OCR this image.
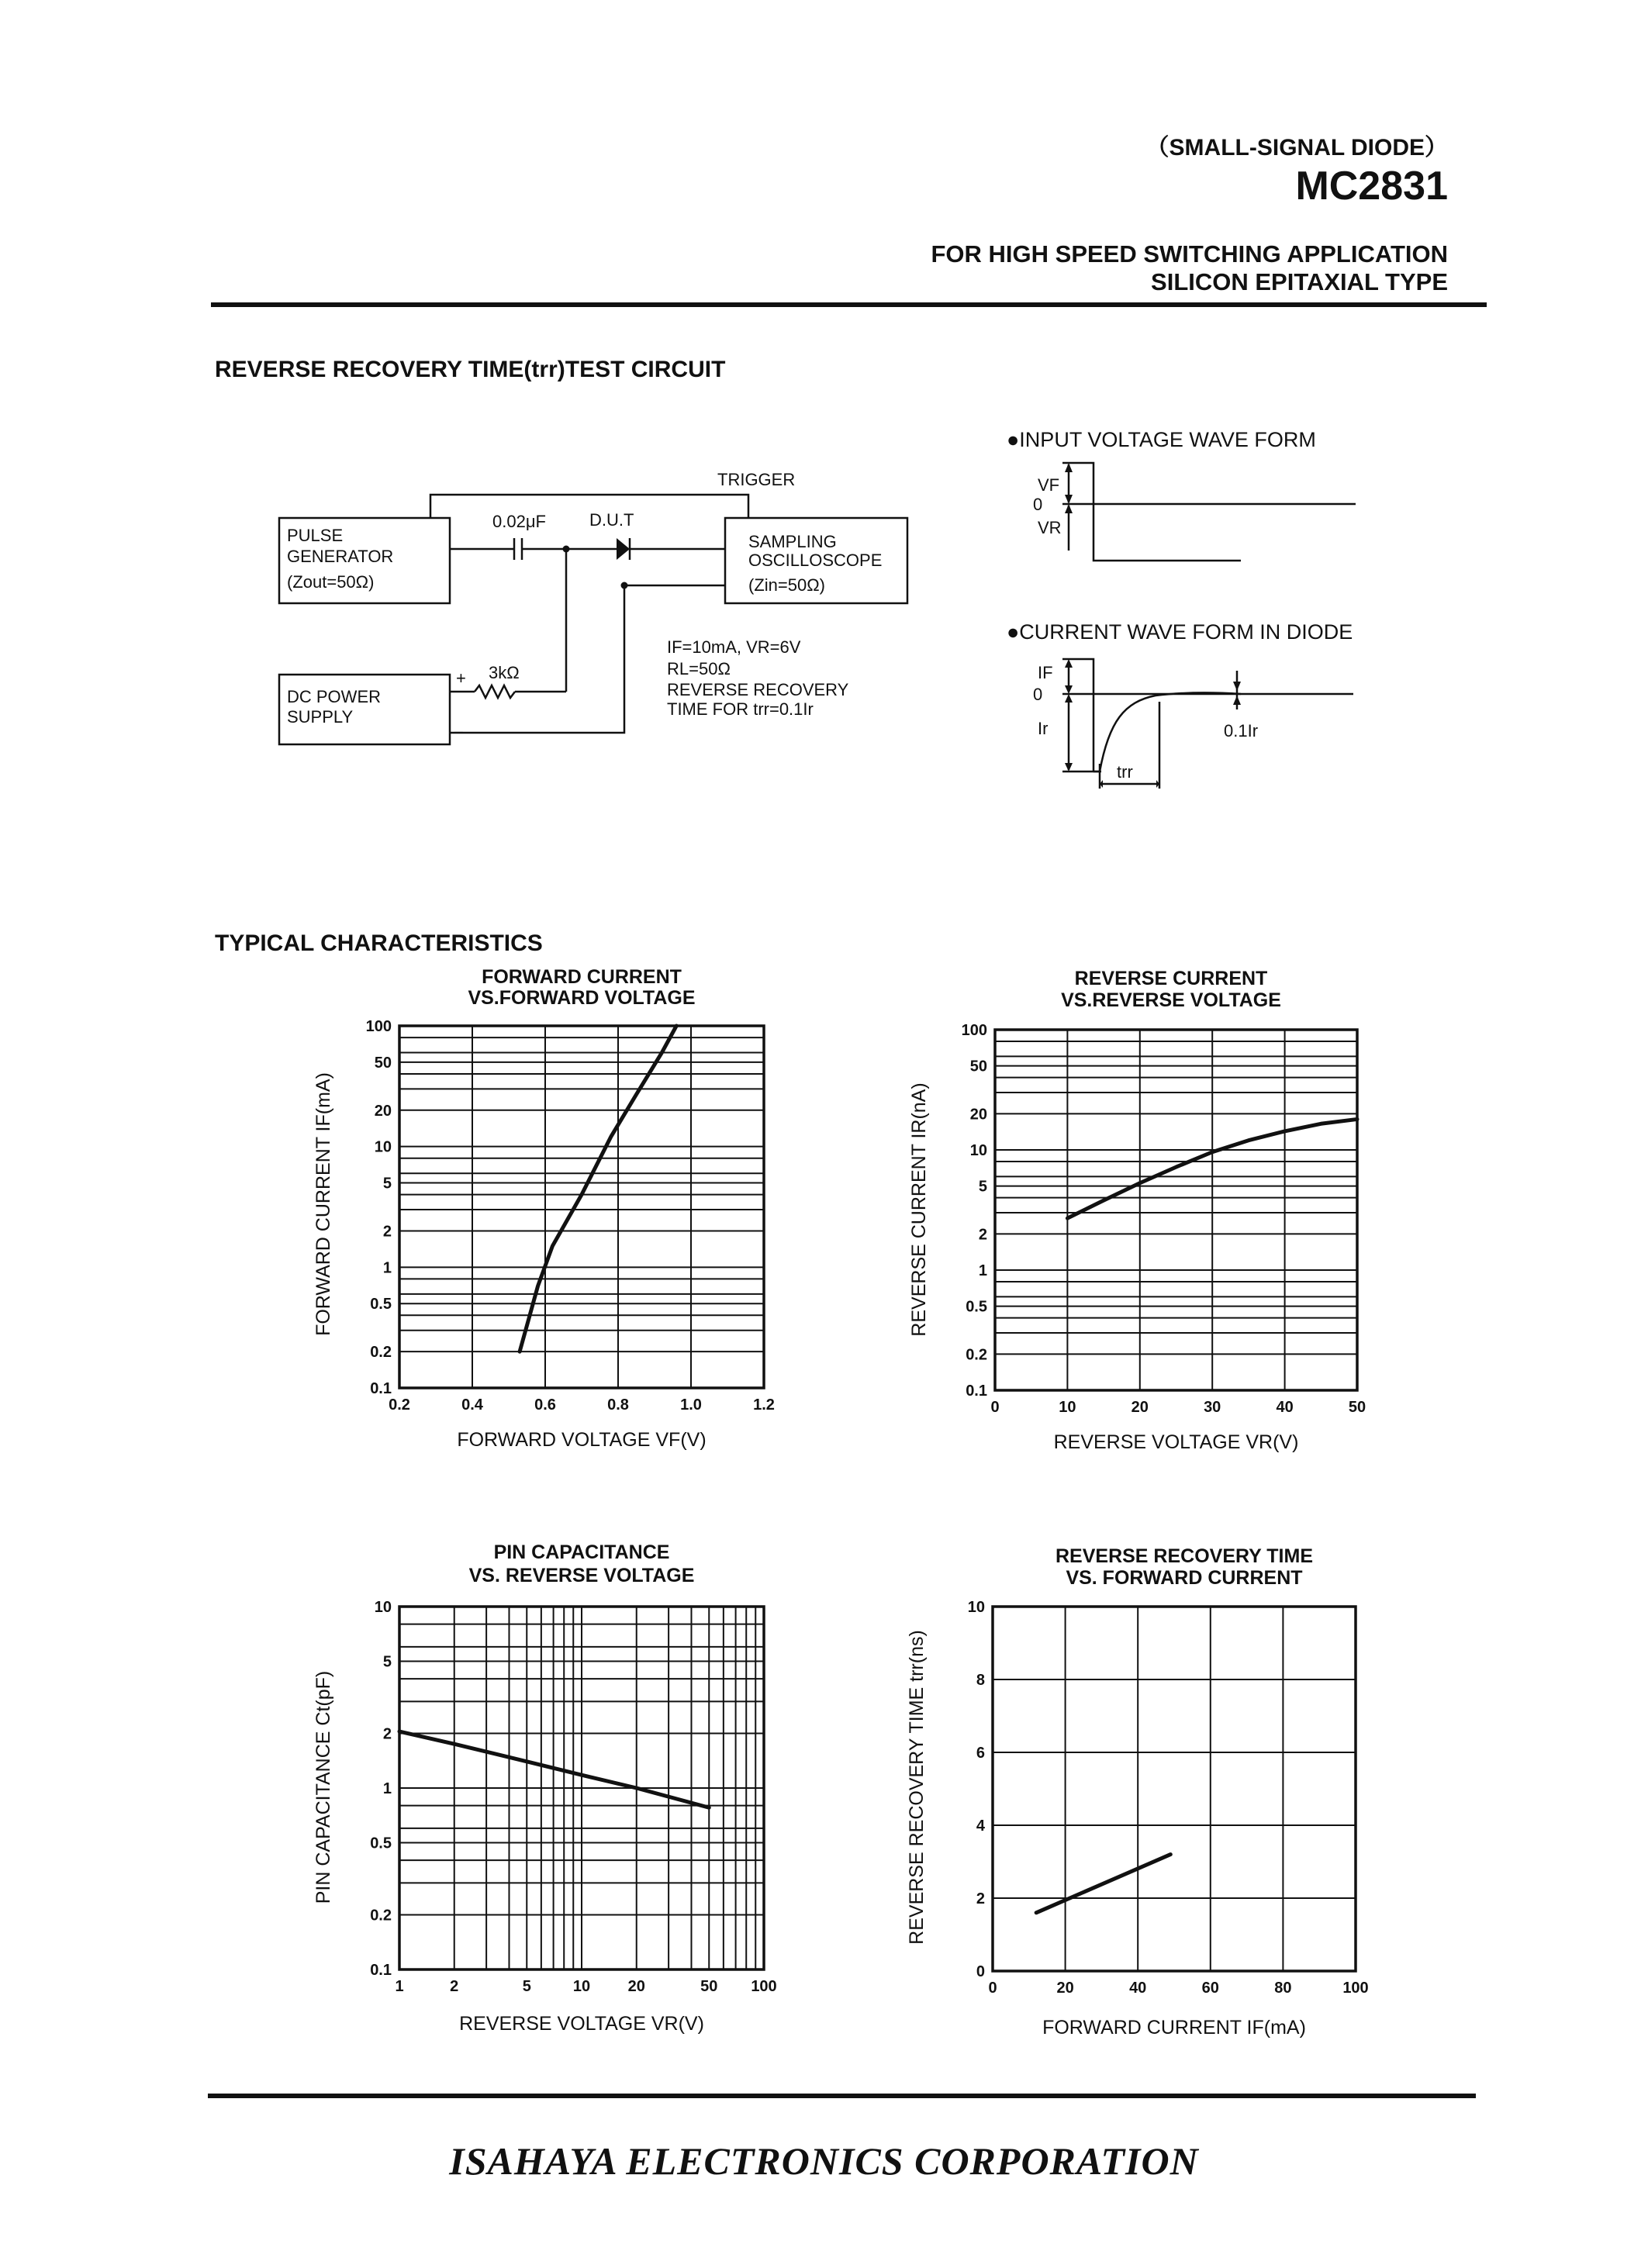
（SMALL-SIGNAL DIODE）
MC2831
FOR HIGH SPEED SWITCHING APPLICATION
SILICON EPITAXIAL TYPE
REVERSE RECOVERY TIME(trr)TEST CIRCUIT
TRIGGER
PULSE
GENERATOR
(Zout=50Ω)
0.02μF	D.U.T
SAMPLING
OSCILLOSCOPE
(Zin=50Ω)
DC POWER
SUPPLY
3kΩ
+
−
IF=10mA, VR=6V
RL=50Ω
REVERSE RECOVERY
TIME FOR trr=0.1Ir
●INPUT VOLTAGE WAVE FORM
0
VF
VR
●CURRENT WAVE FORM IN DIODE
0
IF
Ir
trr
0.1Ir
TYPICAL CHARACTERISTICS
0.2	0.4	0.6	0.8	1.0	1.2
100
50
20
10
5
2
1
0.5
0.2
0.1
FORWARD CURRENT
VS.FORWARD VOLTAGE
FORWARD VOLTAGE VF(V)
FORWARD CURRENT IF(mA)
0	10	20	30	40	50
100
50
20
10
5
2
1
0.5
0.2
0.1
REVERSE CURRENT
VS.REVERSE VOLTAGE
REVERSE VOLTAGE VR(V)
REVERSE CURRENT IR(nA)
1	2	5	10 20	50 100
10
5
2
1
0.5
0.2
0.1
PIN CAPACITANCE
VS. REVERSE VOLTAGE
REVERSE VOLTAGE VR(V)
PIN CAPACITANCE Ct(pF)
0	20	40	60	80	100
10
8
6
4
2
0
REVERSE RECOVERY TIME
VS. FORWARD CURRENT
FORWARD CURRENT IF(mA)
REVERSE RECOVERY TIME trr(ns)
ISAHAYA ELECTRONICS CORPORATION
